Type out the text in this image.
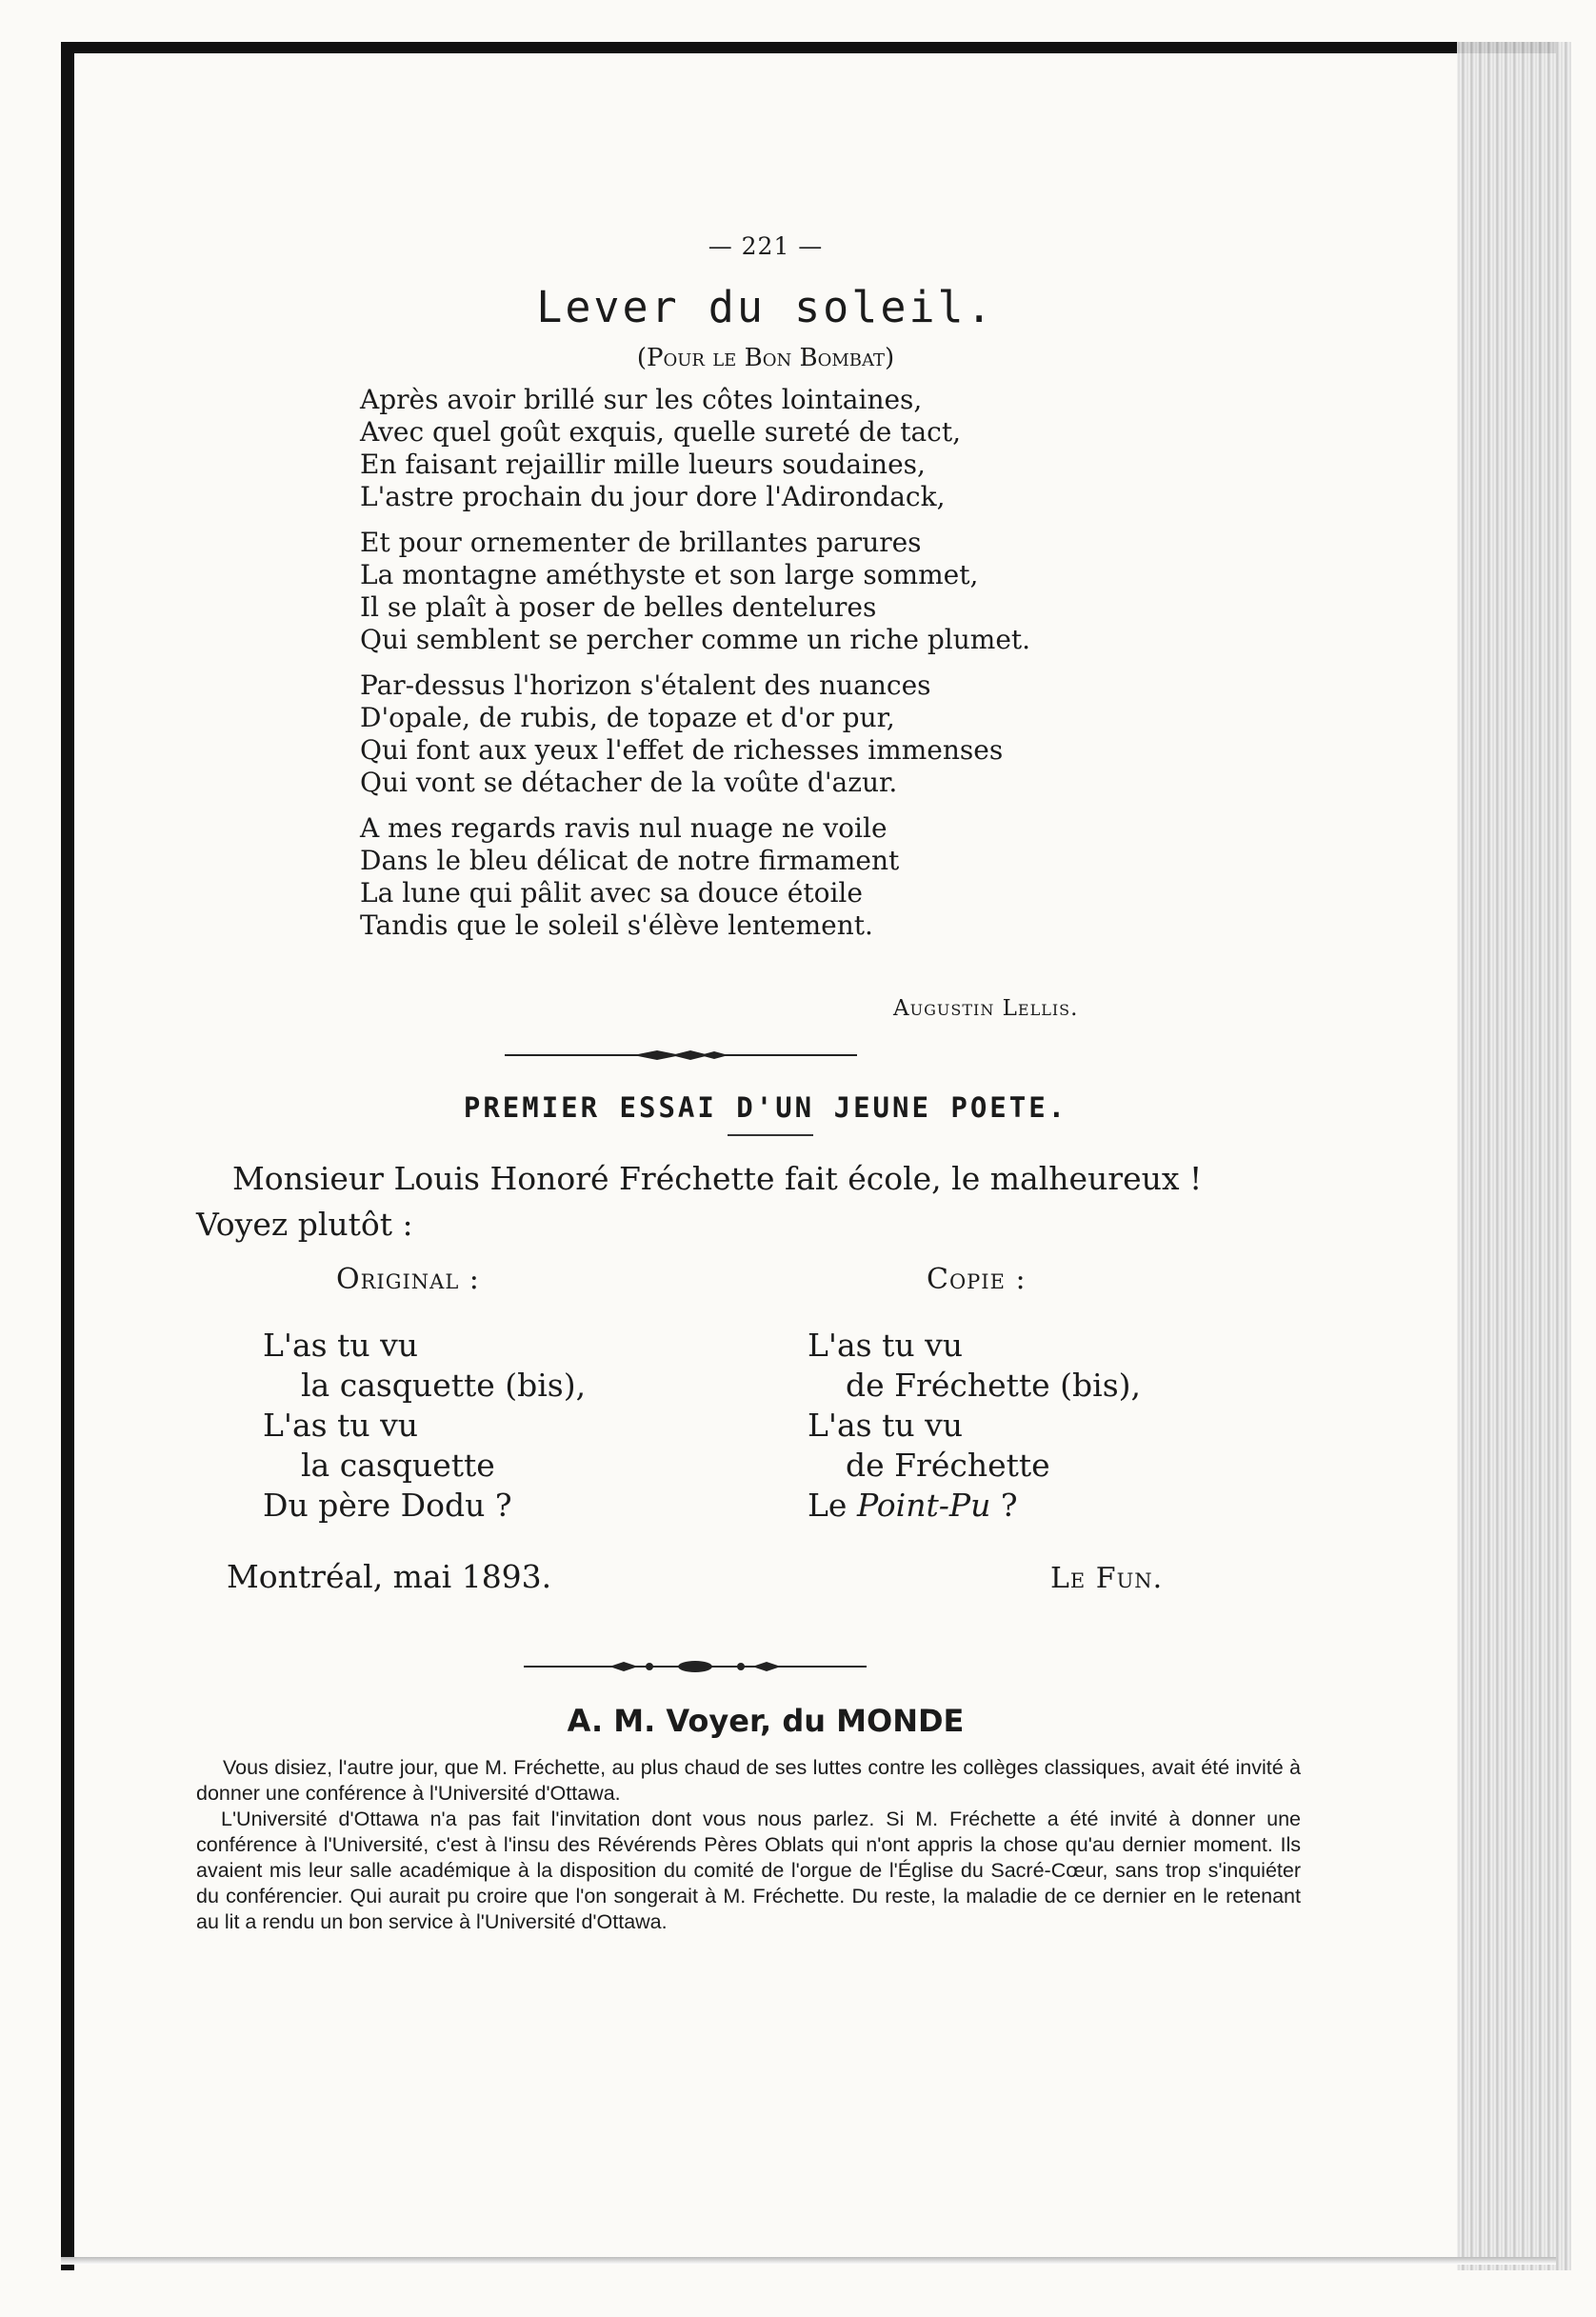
— 221 —
Lever du soleil.
(Pour le Bon Bombat)
Après avoir brillé sur les côtes lointaines,
Avec quel goût exquis, quelle sureté de tact,
En faisant rejaillir mille lueurs soudaines,
L'astre prochain du jour dore l'Adirondack,
Et pour ornementer de brillantes parures
La montagne améthyste et son large sommet,
Il se plaît à poser de belles dentelures
Qui semblent se percher comme un riche plumet.
Par-dessus l'horizon s'étalent des nuances
D'opale, de rubis, de topaze et d'or pur,
Qui font aux yeux l'effet de richesses immenses
Qui vont se détacher de la voûte d'azur.
A mes regards ravis nul nuage ne voile
Dans le bleu délicat de notre firmament
La lune qui pâlit avec sa douce étoile
Tandis que le soleil s'élève lentement.
Augustin Lellis.
PREMIER ESSAI D'UN JEUNE POETE.
Monsieur Louis Honoré Fréchette fait école, le malheureux !
Voyez plutôt :
Original :	Copie :
L'as tu vu
la casquette (bis),
L'as tu vu
la casquette
Du père Dodu ?
L'as tu vu
de Fréchette (bis),
L'as tu vu
de Fréchette
Le Point-Pu ?
Montréal, mai 1893.	Le Fun.
A. M. Voyer, du MONDE

Vous disiez, l'autre jour, que M. Fréchette, au plus chaud de ses luttes contre les collèges classiques, avait été invité à donner une conférence à l'Université d'Ottawa.

L'Université d'Ottawa n'a pas fait l'invitation dont vous nous parlez. Si M. Fréchette a été invité à donner une conférence à l'Université, c'est à l'insu des Révérends Pères Oblats qui n'ont appris la chose qu'au dernier moment. Ils avaient mis leur salle académique à la disposition du comité de l'orgue de l'Église du Sacré-Cœur, sans trop s'inquiéter du conférencier. Qui aurait pu croire que l'on songerait à M. Fréchette. Du reste, la maladie de ce dernier en le retenant au lit a rendu un bon service à l'Université d'Ottawa.
